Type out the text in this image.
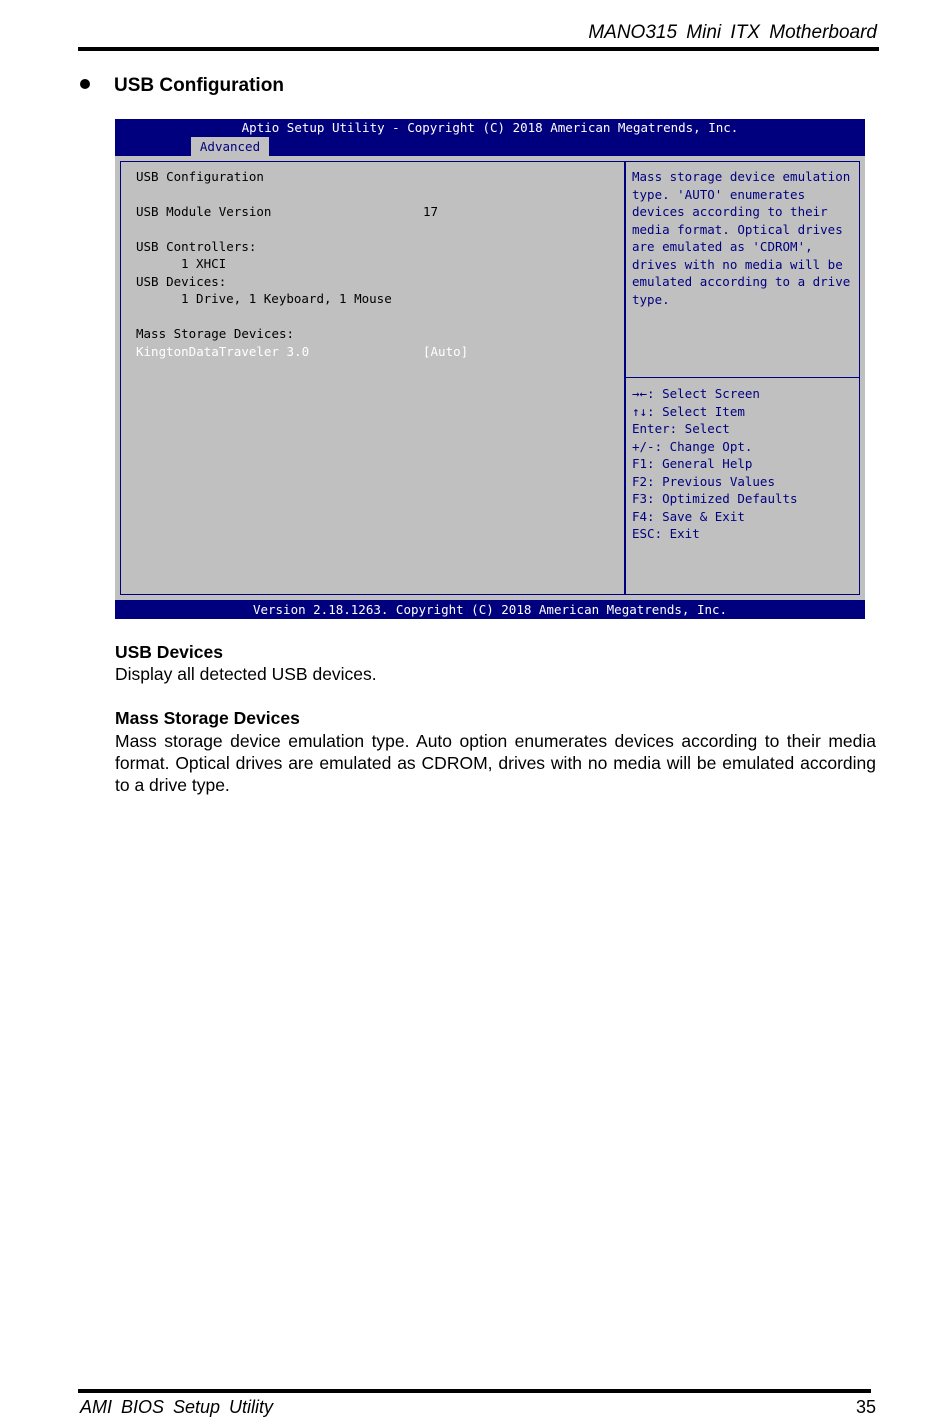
MANO315 Mini ITX Motherboard
USB Configuration
Aptio Setup Utility - Copyright (C) 2018 American Megatrends, Inc.
Advanced
USB Configuration
USB Module Version	17
USB Controllers:
1 XHCI
USB Devices:
1 Drive, 1 Keyboard, 1 Mouse
Mass Storage Devices:
KingtonDataTraveler 3.0	[Auto]
Mass storage device emulation
type. 'AUTO' enumerates
devices according to their
media format. Optical drives
are emulated as 'CDROM',
drives with no media will be
emulated according to a drive
type.
→←: Select Screen
↑↓: Select Item
Enter: Select
+/-: Change Opt.
F1: General Help
F2: Previous Values
F3: Optimized Defaults
F4: Save & Exit
ESC: Exit
Version 2.18.1263. Copyright (C) 2018 American Megatrends, Inc.
USB Devices
Display all detected USB devices.
Mass Storage Devices
Mass storage device emulation type. Auto option enumerates devices according to their media format. Optical drives are emulated as CDROM, drives with no media will be emulated according to a drive type.
AMI BIOS Setup Utility	35
